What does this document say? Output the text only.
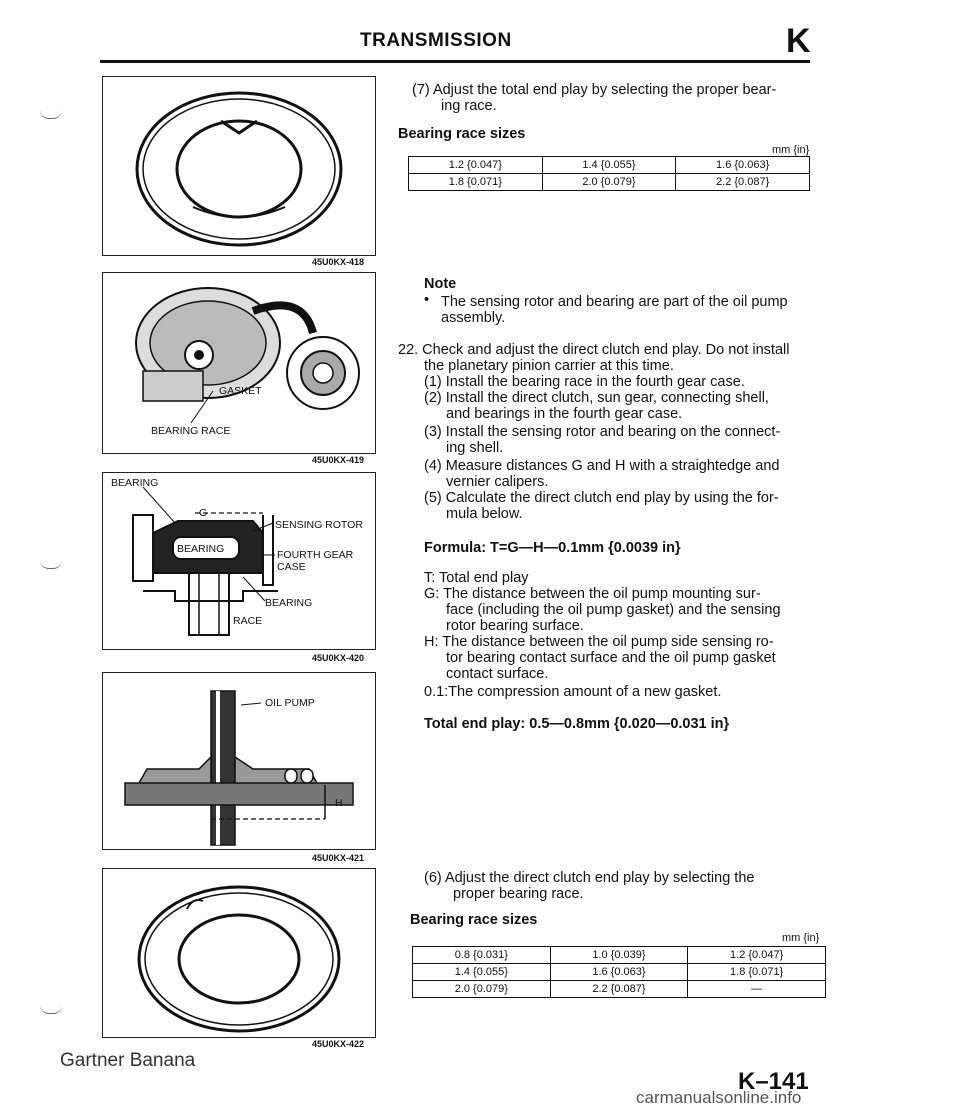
TRANSMISSION	K
45U0KX-418
GASKET
BEARING RACE
45U0KX-419
BEARING
G
BEARING
SENSING ROTOR
FOURTH GEAR
CASE
BEARING
RACE
45U0KX-420
OIL PUMP
H
45U0KX-421
45U0KX-422
(7) Adjust the total end play by selecting the proper bear-
ing race.
Bearing race sizes
mm {in}
1.2 {0.047}	1.4 {0.055}	1.6 {0.063}
1.8 {0.071}	2.0 {0.079}	2.2 {0.087}
Note
• The sensing rotor and bearing are part of the oil pump
assembly.
22. Check and adjust the direct clutch end play. Do not install
the planetary pinion carrier at this time.
(1) Install the bearing race in the fourth gear case.
(2) Install the direct clutch, sun gear, connecting shell,
and bearings in the fourth gear case.
(3) Install the sensing rotor and bearing on the connect-
ing shell.
(4) Measure distances G and H with a straightedge and
vernier calipers.
(5) Calculate the direct clutch end play by using the for-
mula below.
Formula: T=G—H—0.1mm {0.0039 in}
T: Total end play
G: The distance between the oil pump mounting sur-
face (including the oil pump gasket) and the sensing
rotor bearing surface.
H: The distance between the oil pump side sensing ro-
tor bearing contact surface and the oil pump gasket
contact surface.
0.1:The compression amount of a new gasket.
Total end play: 0.5—0.8mm {0.020—0.031 in}
(6) Adjust the direct clutch end play by selecting the
proper bearing race.
Bearing race sizes
mm {in}
0.8 {0.031}	1.0 {0.039}	1.2 {0.047}
1.4 {0.055}	1.6 {0.063}	1.8 {0.071}
2.0 {0.079}	2.2 {0.087}	—
Gartner Banana
K–141
carmanualsonline.info
